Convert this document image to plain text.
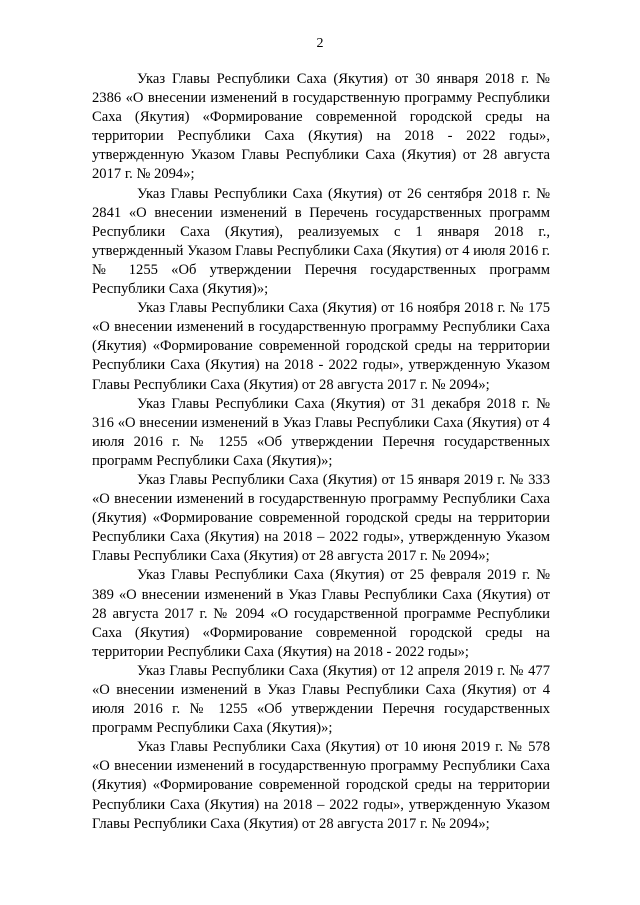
2

Указ Главы Республики Саха (Якутия) от 30 января 2018 г. № 2386 «О внесении изменений в государственную программу Республики Саха (Якутия) «Формирование современной городской среды на территории Республики Саха (Якутия) на 2018 - 2022 годы», утвержденную Указом Главы Республики Саха (Якутия) от 28 августа 2017 г. № 2094»;

Указ Главы Республики Саха (Якутия) от 26 сентября 2018 г. № 2841 «О внесении изменений в Перечень государственных программ Республики Саха (Якутия), реализуемых с 1 января 2018 г., утвержденный Указом Главы Республики Саха (Якутия) от 4 июля 2016 г. № 1255 «Об утверждении Перечня государственных программ Республики Саха (Якутия)»;

Указ Главы Республики Саха (Якутия) от 16 ноября 2018 г. № 175 «О внесении изменений в государственную программу Республики Саха (Якутия) «Формирование современной городской среды на территории Республики Саха (Якутия) на 2018 - 2022 годы», утвержденную Указом Главы Республики Саха (Якутия) от 28 августа 2017 г. № 2094»;

Указ Главы Республики Саха (Якутия) от 31 декабря 2018 г. № 316 «О внесении изменений в Указ Главы Республики Саха (Якутия) от 4 июля 2016 г. № 1255 «Об утверждении Перечня государственных программ Республики Саха (Якутия)»;

Указ Главы Республики Саха (Якутия) от 15 января 2019 г. № 333 «О внесении изменений в государственную программу Республики Саха (Якутия) «Формирование современной городской среды на территории Республики Саха (Якутия) на 2018 – 2022 годы», утвержденную Указом Главы Республики Саха (Якутия) от 28 августа 2017 г. № 2094»;

Указ Главы Республики Саха (Якутия) от 25 февраля 2019 г. № 389 «О внесении изменений в Указ Главы Республики Саха (Якутия) от 28 августа 2017 г. № 2094 «О государственной программе Республики Саха (Якутия) «Формирование современной городской среды на территории Республики Саха (Якутия) на 2018 - 2022 годы»;

Указ Главы Республики Саха (Якутия) от 12 апреля 2019 г. № 477 «О внесении изменений в Указ Главы Республики Саха (Якутия) от 4 июля 2016 г. № 1255 «Об утверждении Перечня государственных программ Республики Саха (Якутия)»;

Указ Главы Республики Саха (Якутия) от 10 июня 2019 г. № 578 «О внесении изменений в государственную программу Республики Саха (Якутия) «Формирование современной городской среды на территории Республики Саха (Якутия) на 2018 – 2022 годы», утвержденную Указом Главы Республики Саха (Якутия) от 28 августа 2017 г. № 2094»;
